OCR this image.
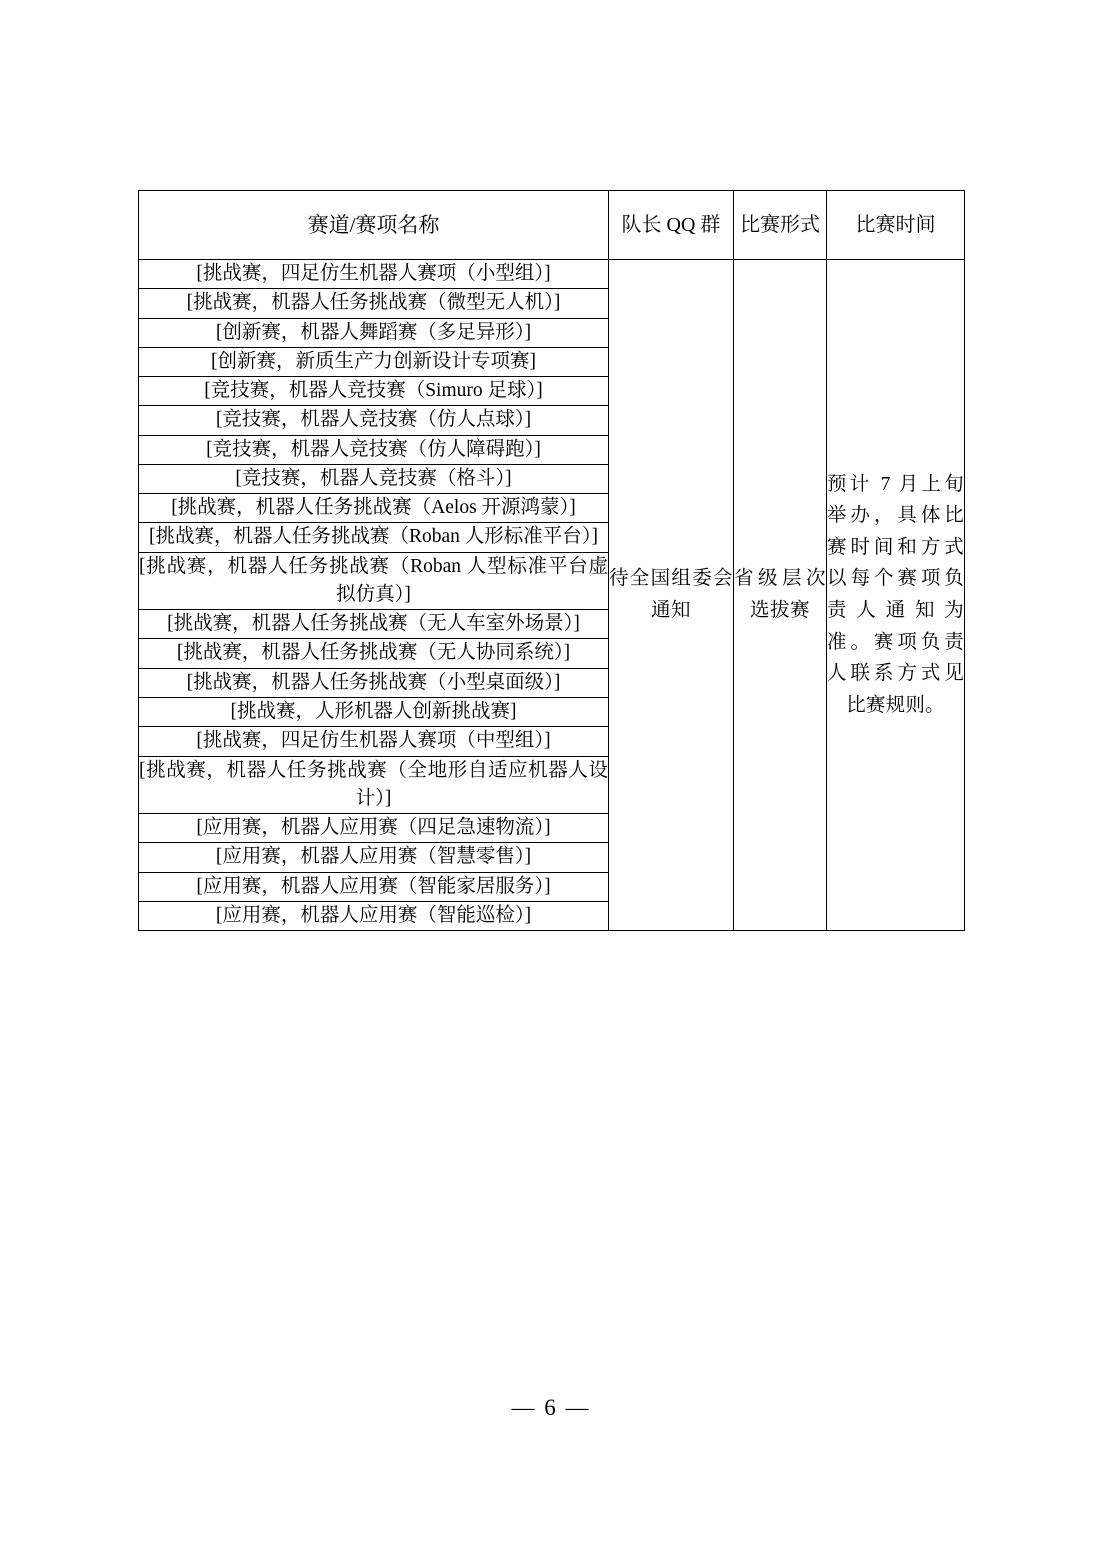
赛道/赛项名称	队长 QQ 群	比赛形式	比赛时间
[挑战赛，四足仿生机器人赛项（小型组）]	待全国组委会通知	省级层次选拔赛	预计 7 月上旬举办，具体比赛时间和方式以每个赛项负责人通知为准。赛项负责人联系方式见比赛规则。

[挑战赛，机器人任务挑战赛（微型无人机）]			
[创新赛，机器人舞蹈赛（多足异形）]			
[创新赛，新质生产力创新设计专项赛]			
[竞技赛，机器人竞技赛（Simuro 足球）]			
[竞技赛，机器人竞技赛（仿人点球）]			
[竞技赛，机器人竞技赛（仿人障碍跑）]			
[竞技赛，机器人竞技赛（格斗）]			
[挑战赛，机器人任务挑战赛（Aelos 开源鸿蒙）]			
[挑战赛，机器人任务挑战赛（Roban 人形标准平台）]			
[挑战赛，机器人任务挑战赛（Roban 人型标准平台虚拟仿真）]			
[挑战赛，机器人任务挑战赛（无人车室外场景）]			
[挑战赛，机器人任务挑战赛（无人协同系统）]			
[挑战赛，机器人任务挑战赛（小型桌面级）]			
[挑战赛，人形机器人创新挑战赛]			
[挑战赛，四足仿生机器人赛项（中型组）]			
[挑战赛，机器人任务挑战赛（全地形自适应机器人设计）]			
[应用赛，机器人应用赛（四足急速物流）]			
[应用赛，机器人应用赛（智慧零售）]			
[应用赛，机器人应用赛（智能家居服务）]			
[应用赛，机器人应用赛（智能巡检）]			
— 6 —
